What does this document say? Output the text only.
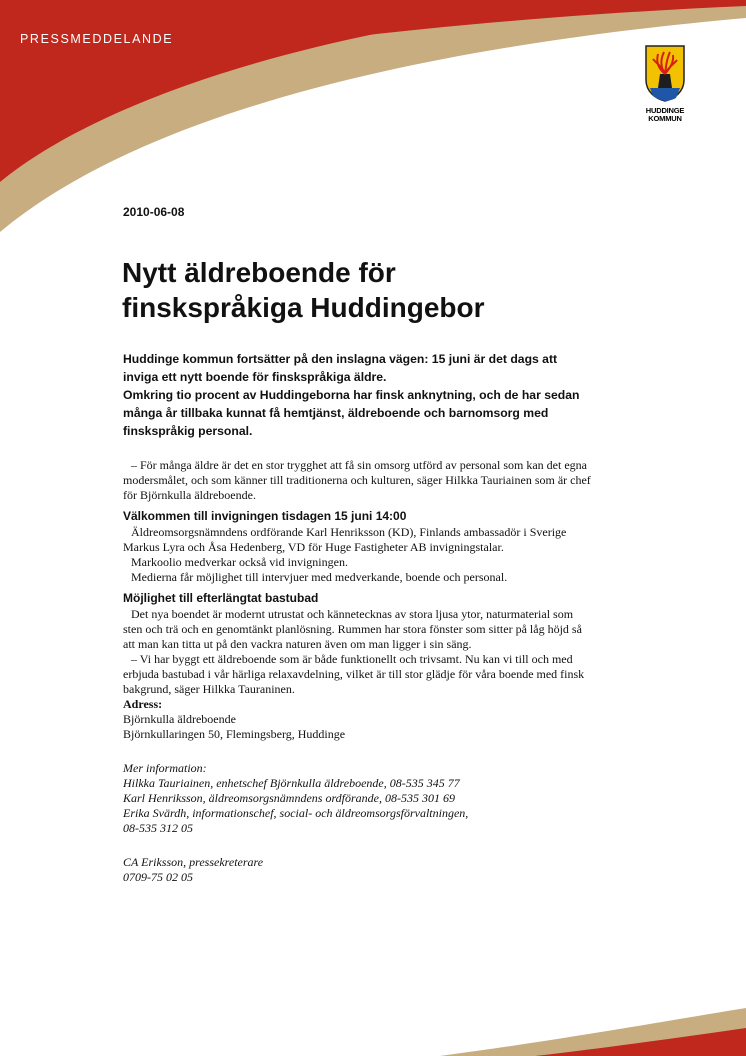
PRESSMEDDELANDE
HUDDINGE
KOMMUN
2010-06-08
Nytt äldreboende för
finskspråkiga Huddingebor
Huddinge kommun fortsätter på den inslagna vägen: 15 juni är det dags att inviga ett nytt boende för finskspråkiga äldre.
Omkring tio procent av Huddingeborna har finsk anknytning, och de har sedan många år tillbaka kunnat få hemtjänst, äldreboende och barnomsorg med finskspråkig personal.

– För många äldre är det en stor trygghet att få sin omsorg utförd av personal som kan det egna modersmålet, och som känner till traditionerna och kulturen, säger Hilkka Tauriainen som är chef för Björnkulla äldreboende.

Välkommen till invigningen tisdagen 15 juni 14:00

Äldreomsorgsnämndens ordförande Karl Henriksson (KD), Finlands ambassadör i Sverige Markus Lyra och Åsa Hedenberg, VD för Huge Fastigheter AB invigningstalar.

Markoolio medverkar också vid invigningen.

Medierna får möjlighet till intervjuer med medverkande, boende och personal.

Möjlighet till efterlängtat bastubad

Det nya boendet är modernt utrustat och kännetecknas av stora ljusa ytor, naturmaterial som sten och trä och en genomtänkt planlösning. Rummen har stora fönster som sitter på låg höjd så att man kan titta ut på den vackra naturen även om man ligger i sin säng.

– Vi har byggt ett äldreboende som är både funktionellt och trivsamt. Nu kan vi till och med erbjuda bastubad i vår härliga relaxavdelning, vilket är till stor glädje för våra boende med finsk bakgrund, säger Hilkka Tauraninen.

Adress:

Björnkulla äldreboende

Björnkullaringen 50, Flemingsberg, Huddinge

Mer information:

Hilkka Tauriainen, enhetschef Björnkulla äldreboende, 08-535 345 77

Karl Henriksson, äldreomsorgsnämndens ordförande, 08-535 301 69

Erika Svärdh, informationschef, social- och äldreomsorgsförvaltningen,

08-535 312 05

CA Eriksson, pressekreterare

0709-75 02 05
